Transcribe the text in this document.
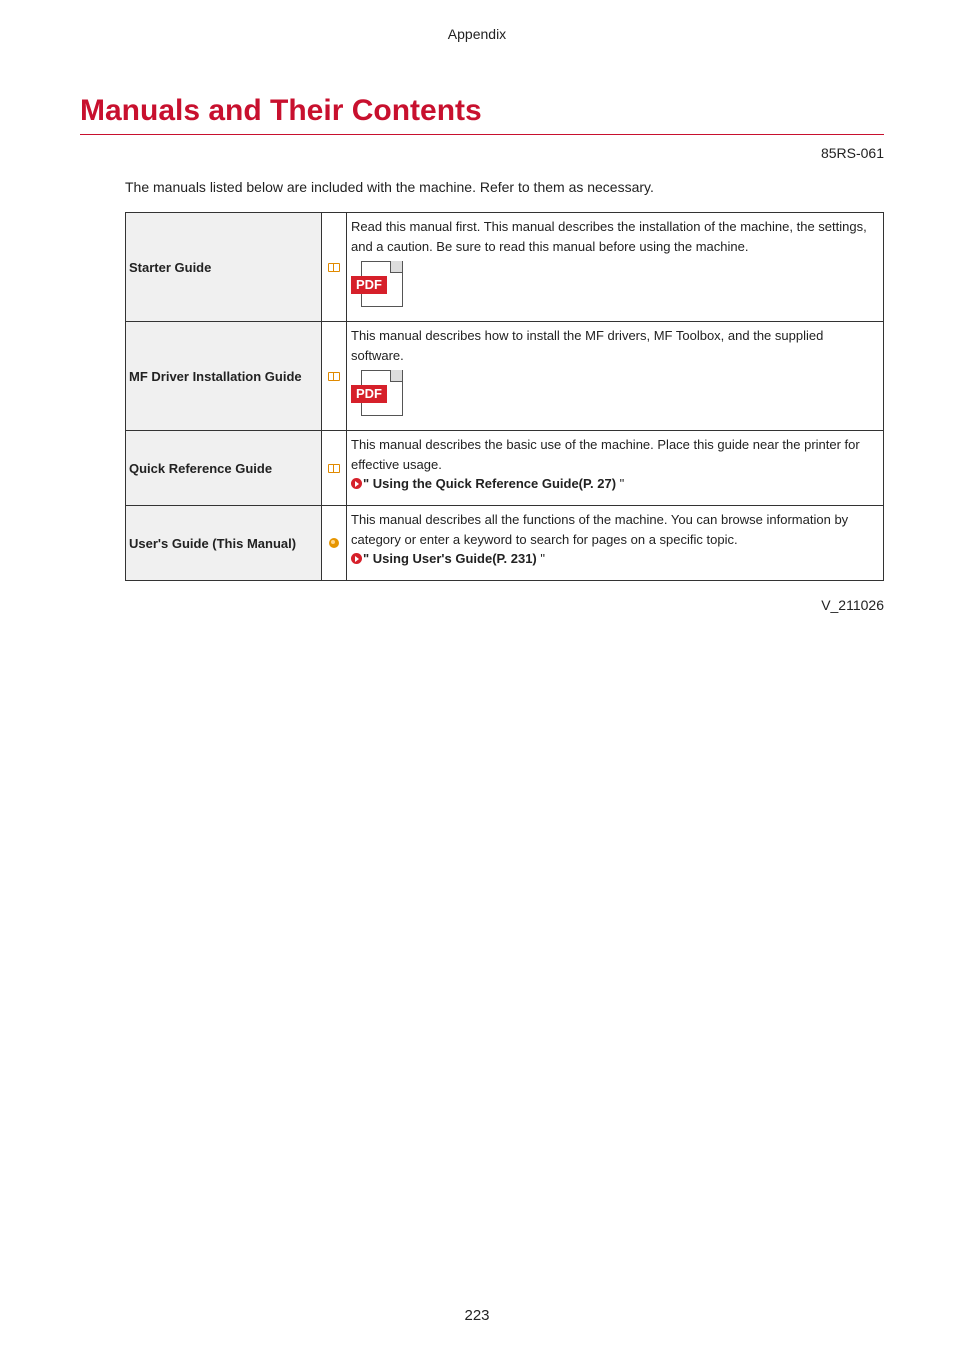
Appendix
Manuals and Their Contents
85RS-061
The manuals listed below are included with the machine. Refer to them as necessary.
Starter Guide		Read this manual first. This manual describes the installation of the machine, the settings, and a caution. Be sure to read this manual before using the machine.
PDF

MF Driver Installation Guide		This manual describes how to install the MF drivers, MF Toolbox, and the supplied software.
PDF

Quick Reference Guide		This manual describes the basic use of the machine. Place this guide near the printer for effective usage.
" Using the Quick Reference Guide(P. 27) "
User's Guide (This Manual)		This manual describes all the functions of the machine. You can browse information by category or enter a keyword to search for pages on a specific topic.
" Using User's Guide(P. 231) "
V_211026
223
